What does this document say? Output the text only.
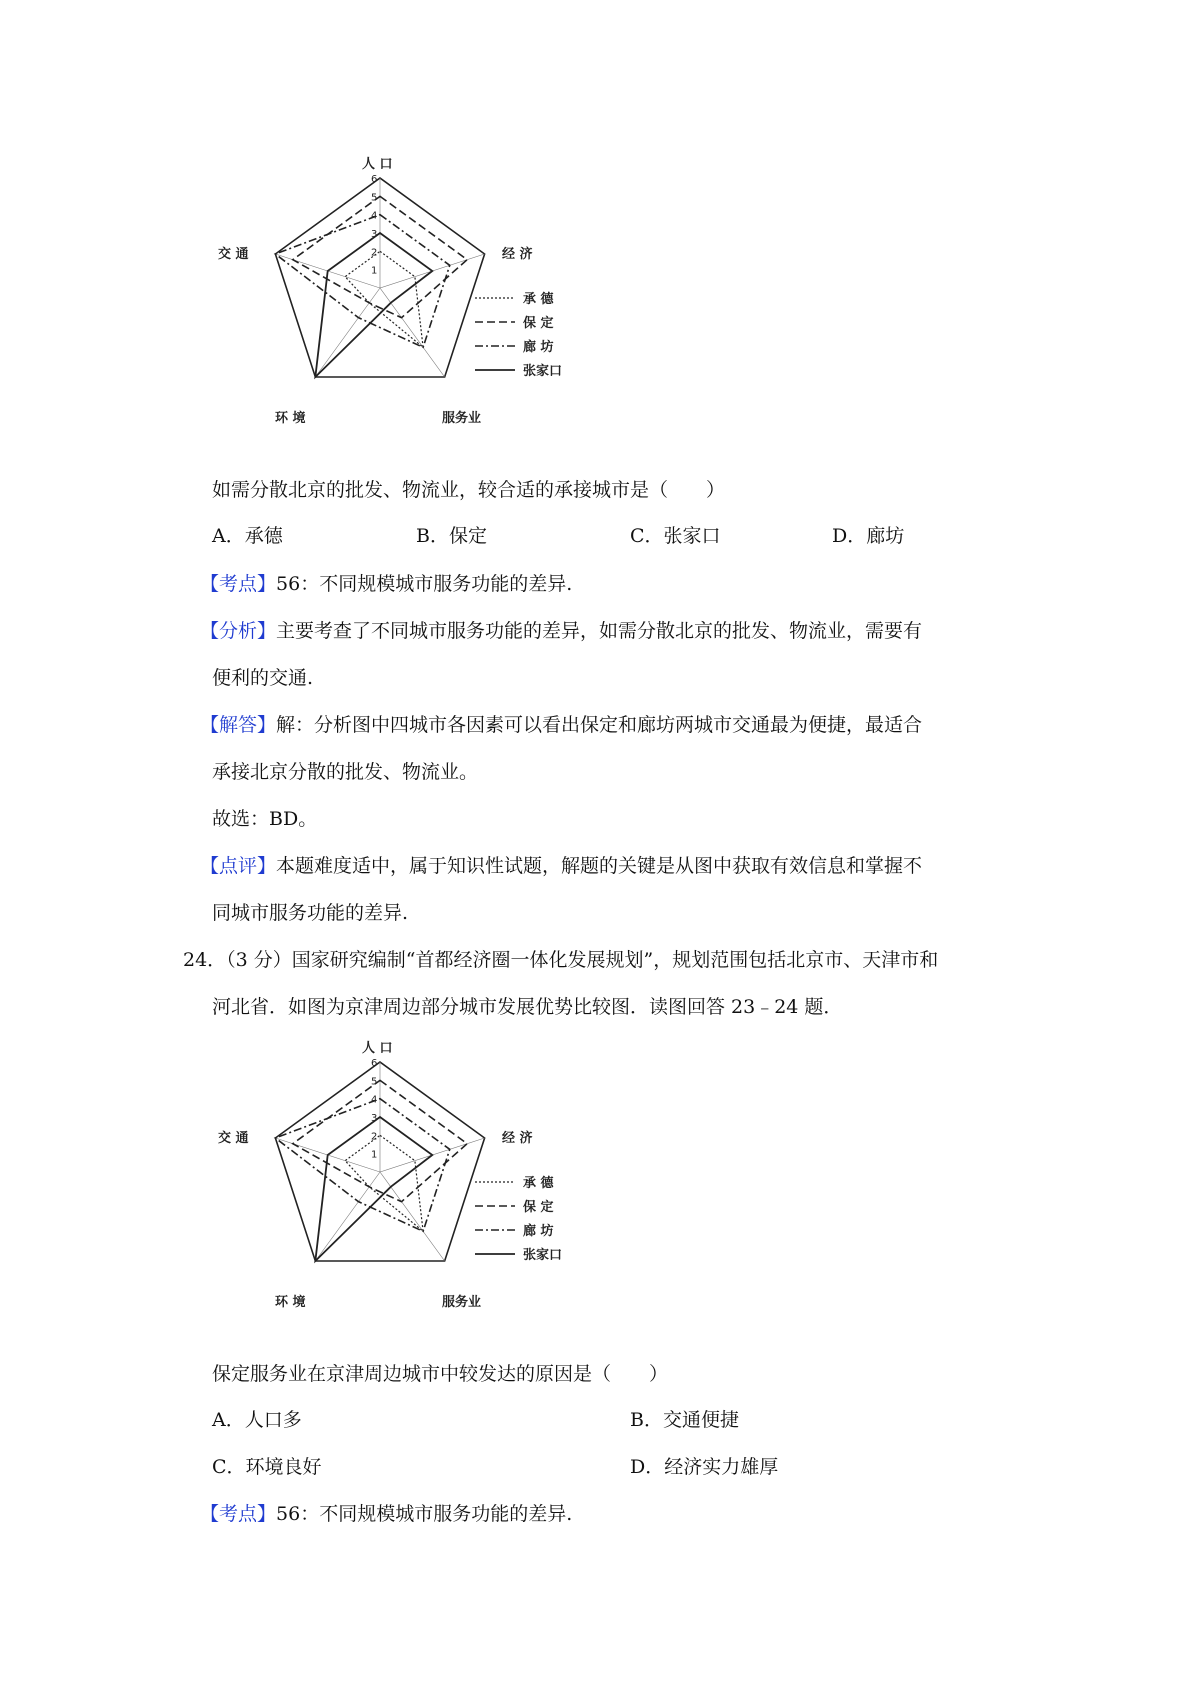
1
2
3
4
5
6
人 口
经 济
服务业
环 境
交 通
承 德
保 定
廊 坊
张家口
如需分散北京的批发、物流业，较合适的承接城市是（　　）
A．承德	B．保定	C．张家口	D．廊坊
【考点】56：不同规模城市服务功能的差异.
【分析】主要考查了不同城市服务功能的差异，如需分散北京的批发、物流业，需要有
便利的交通.
【解答】解：分析图中四城市各因素可以看出保定和廊坊两城市交通最为便捷，最适合
承接北京分散的批发、物流业。
故选：BD。
【点评】本题难度适中，属于知识性试题，解题的关键是从图中获取有效信息和掌握不
同城市服务功能的差异.
24．（3 分）国家研究编制“首都经济圈一体化发展规划”，规划范围包括北京市、天津市和
河北省．如图为京津周边部分城市发展优势比较图．读图回答 23﹣24 题．
1
2
3
4
5
6
人 口
经 济
服务业
环 境
交 通
承 德
保 定
廊 坊
张家口
保定服务业在京津周边城市中较发达的原因是（　　）
A．人口多	B．交通便捷
C．环境良好	D．经济实力雄厚
【考点】56：不同规模城市服务功能的差异.
